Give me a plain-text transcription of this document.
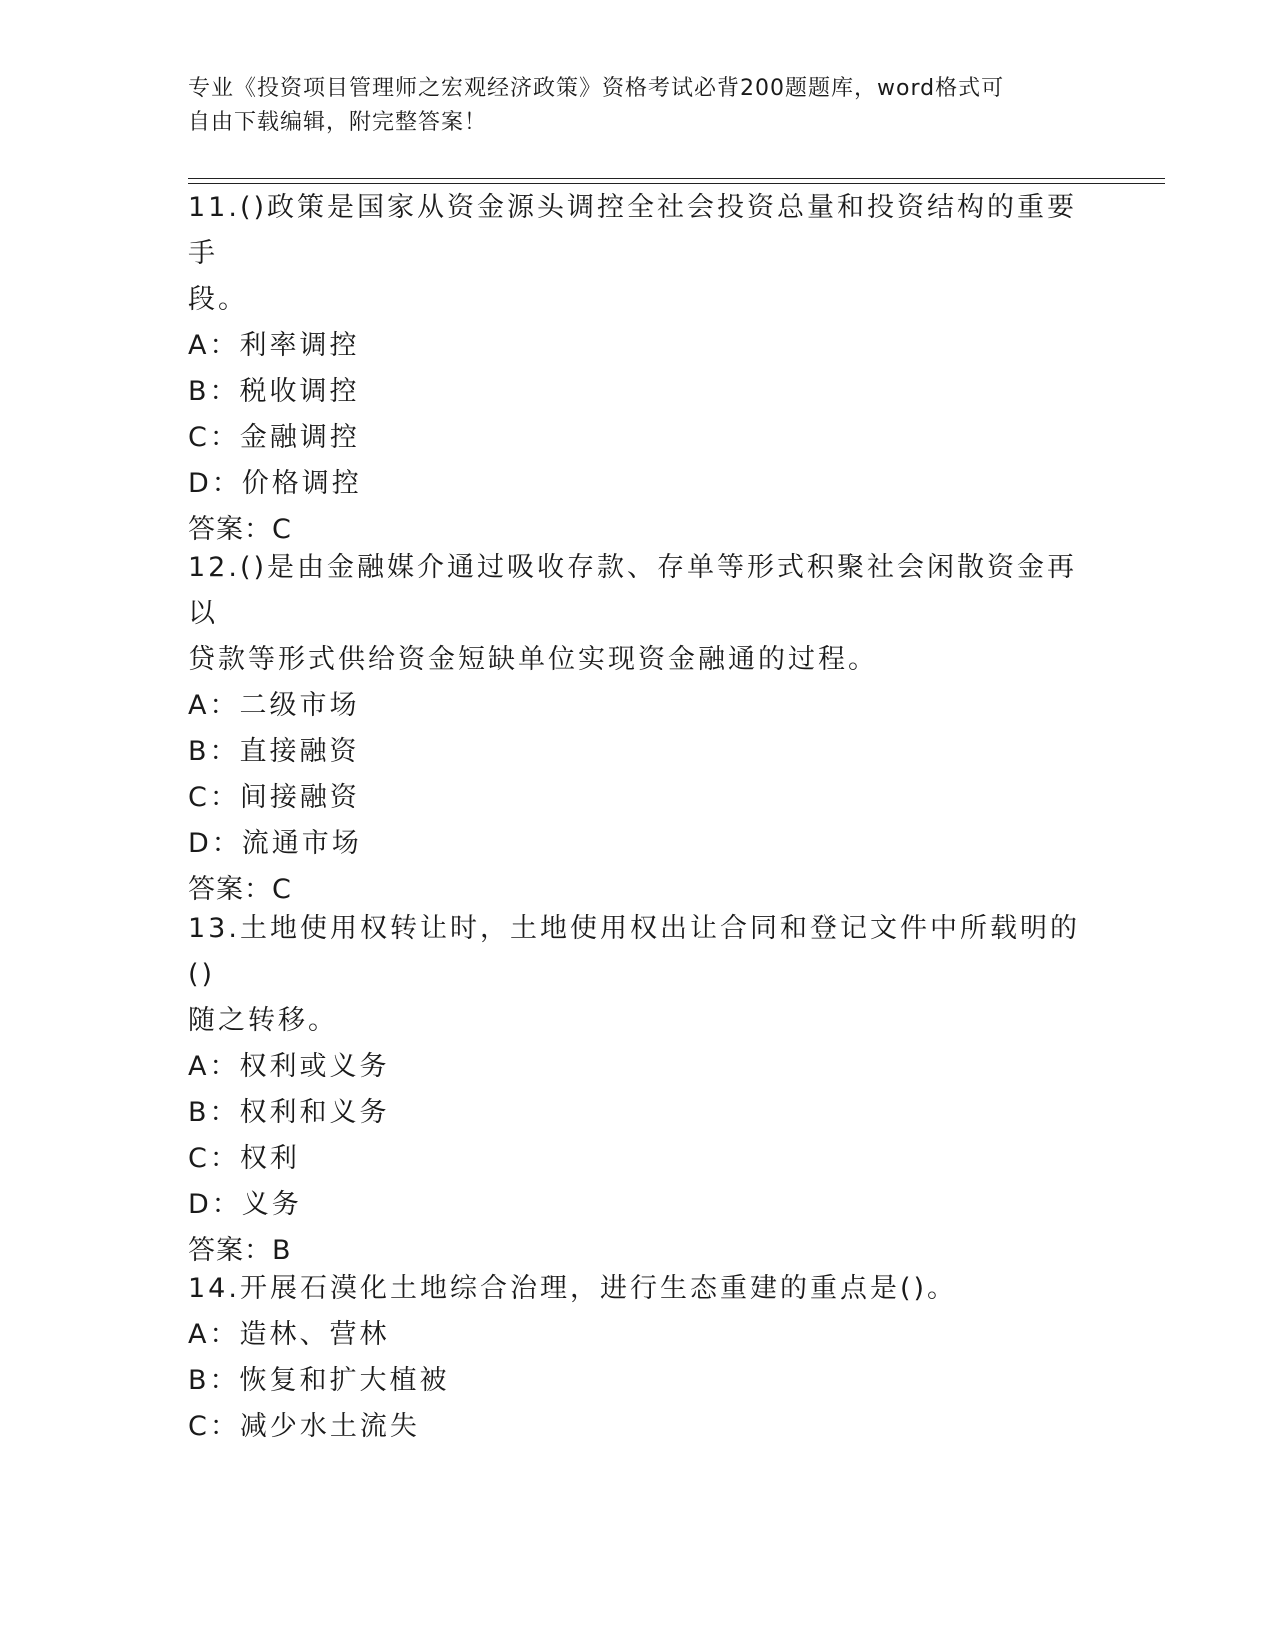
专业《投资项目管理师之宏观经济政策》资格考试必背200题题库，word格式可
自由下载编辑，附完整答案！
11.()政策是国家从资金源头调控全社会投资总量和投资结构的重要手
段。
A：利率调控
B：税收调控
C：金融调控
D：价格调控
答案：C
12.()是由金融媒介通过吸收存款、存单等形式积聚社会闲散资金再以
贷款等形式供给资金短缺单位实现资金融通的过程。
A：二级市场
B：直接融资
C：间接融资
D：流通市场
答案：C
13.土地使用权转让时，土地使用权出让合同和登记文件中所载明的()
随之转移。
A：权利或义务
B：权利和义务
C：权利
D：义务
答案：B
14.开展石漠化土地综合治理，进行生态重建的重点是()。
A：造林、营林
B：恢复和扩大植被
C：减少水土流失
